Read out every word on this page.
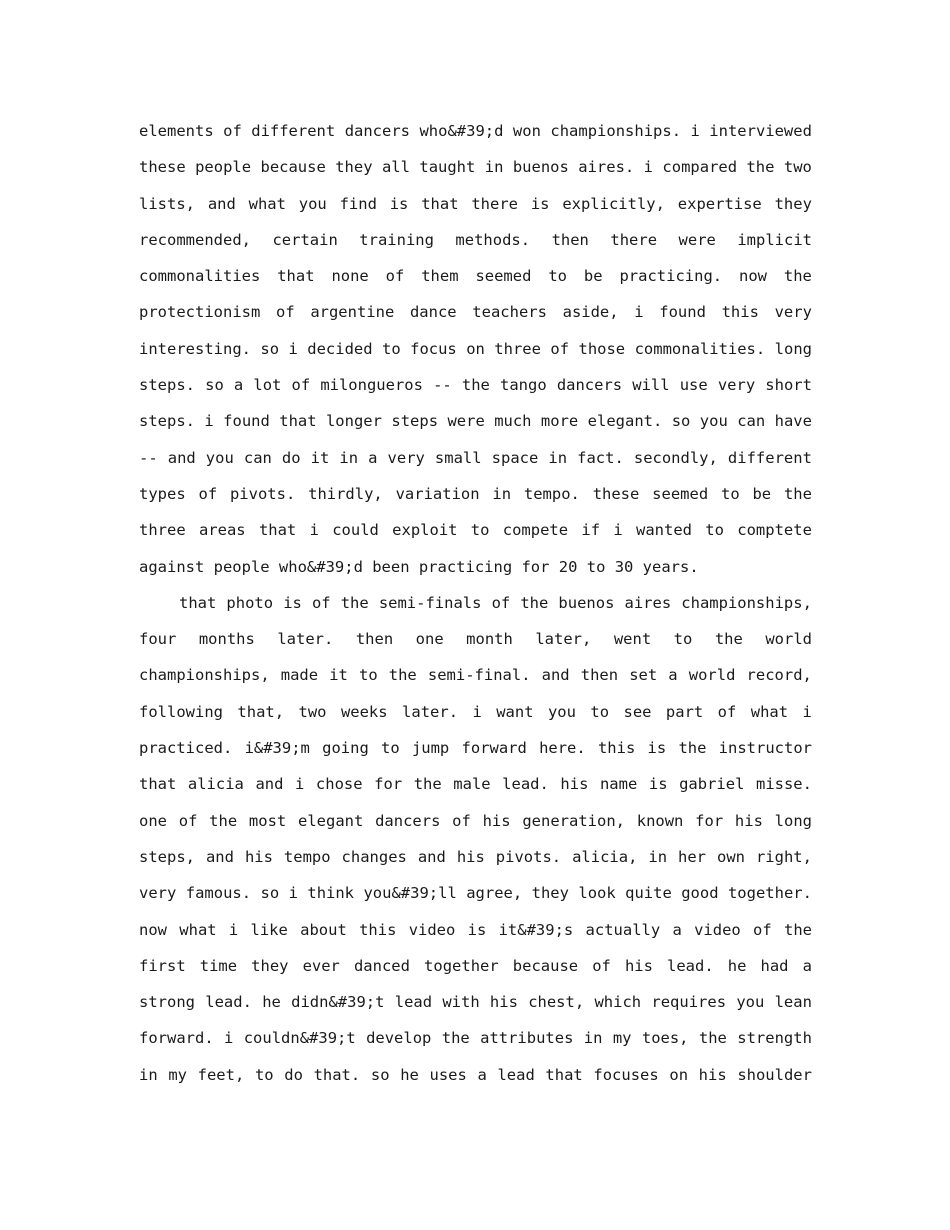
elements of different dancers who&#39;d won championships. i interviewed
these people because they all taught in buenos aires. i compared the two
lists, and what you find is that there is explicitly, expertise they
recommended, certain training methods. then there were implicit
commonalities that none of them seemed to be practicing. now the
protectionism of argentine dance teachers aside, i found this very
interesting. so i decided to focus on three of those commonalities. long
steps. so a lot of milongueros -- the tango dancers will use very short
steps. i found that longer steps were much more elegant. so you can have
-- and you can do it in a very small space in fact. secondly, different
types of pivots. thirdly, variation in tempo. these seemed to be the
three areas that i could exploit to compete if i wanted to comptete
against people who&#39;d been practicing for 20 to 30 years.
that photo is of the semi-finals of the buenos aires championships,
four months later. then one month later, went to the world
championships, made it to the semi-final. and then set a world record,
following that, two weeks later. i want you to see part of what i
practiced. i&#39;m going to jump forward here. this is the instructor
that alicia and i chose for the male lead. his name is gabriel misse.
one of the most elegant dancers of his generation, known for his long
steps, and his tempo changes and his pivots. alicia, in her own right,
very famous. so i think you&#39;ll agree, they look quite good together.
now what i like about this video is it&#39;s actually a video of the
first time they ever danced together because of his lead. he had a
strong lead. he didn&#39;t lead with his chest, which requires you lean
forward. i couldn&#39;t develop the attributes in my toes, the strength
in my feet, to do that. so he uses a lead that focuses on his shoulder
